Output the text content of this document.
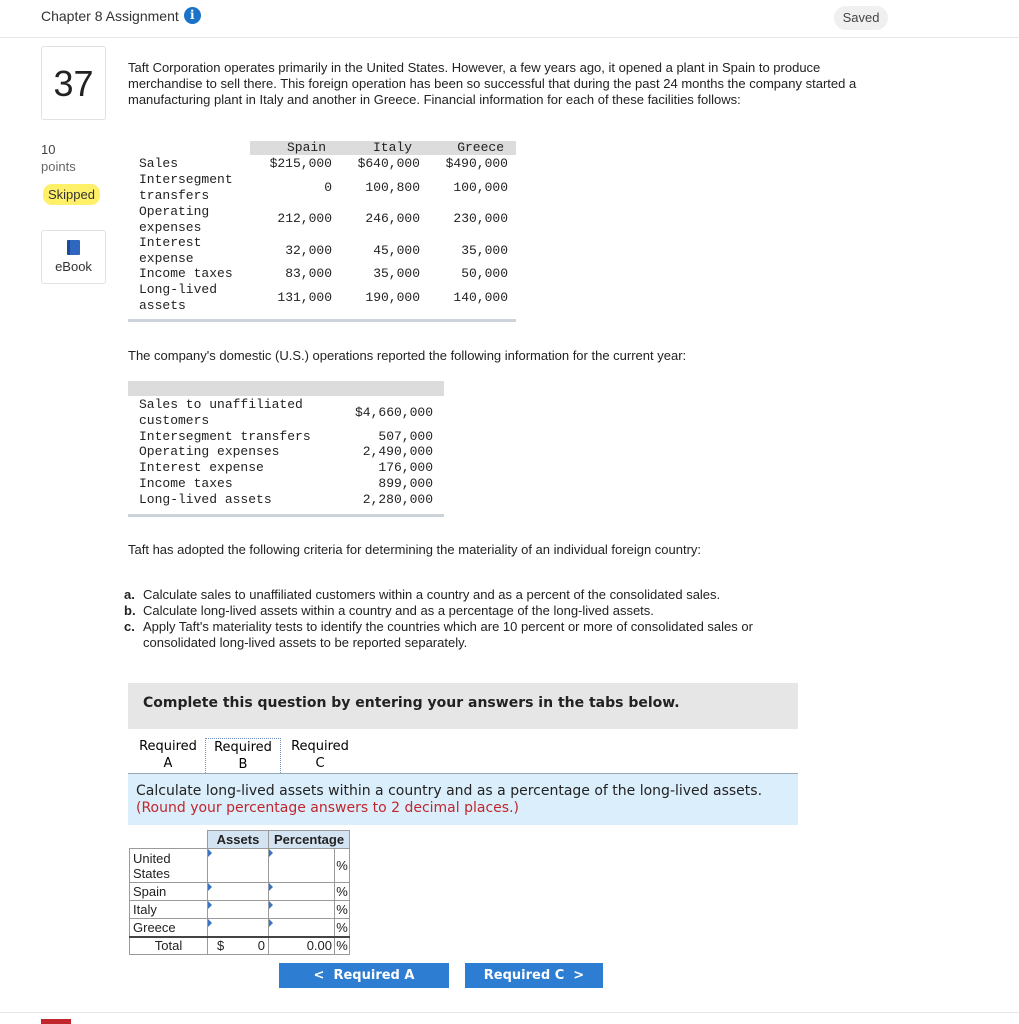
Chapter 8 Assignment i	Saved
37
10
points
Skipped
eBook
Taft Corporation operates primarily in the United States. However, a few years ago, it opened a plant in Spain to produce merchandise to sell there. This foreign operation has been so successful that during the past 24 months the company started a manufacturing plant in Italy and another in Greece. Financial information for each of these facilities follows:
Spain	Italy	Greece
Sales	$215,000	$640,000	$490,000
Intersegment
transfers
0	100,800	100,000
Operating
expenses
212,000	246,000	230,000
Interest
expense
32,000	45,000	35,000
Income taxes	83,000	35,000	50,000
Long-lived
assets
131,000	190,000	140,000
The company's domestic (U.S.) operations reported the following information for the current year:
Sales to unaffiliated
customers
$4,660,000
Intersegment transfers	507,000
Operating expenses	2,490,000
Interest expense	176,000
Income taxes	899,000
Long-lived assets	2,280,000
Taft has adopted the following criteria for determining the materiality of an individual foreign country:
a. Calculate sales to unaffiliated customers within a country and as a percent of the consolidated sales.
b. Calculate long-lived assets within a country and as a percentage of the long-lived assets.
c. Apply Taft's materiality tests to identify the countries which are 10 percent or more of consolidated sales or consolidated long-lived assets to be reported separately.
Complete this question by entering your answers in the tabs below.
Required
A
Required
B
Required
C
Calculate long-lived assets within a country and as a percentage of the long-lived assets. (Round your percentage answers to 2 decimal places.)
	Assets	Percentage	
United States			%
Spain			%
Italy			%
Greece			%
Total	$ 0	0.00	%
<  Required A	Required C  >
